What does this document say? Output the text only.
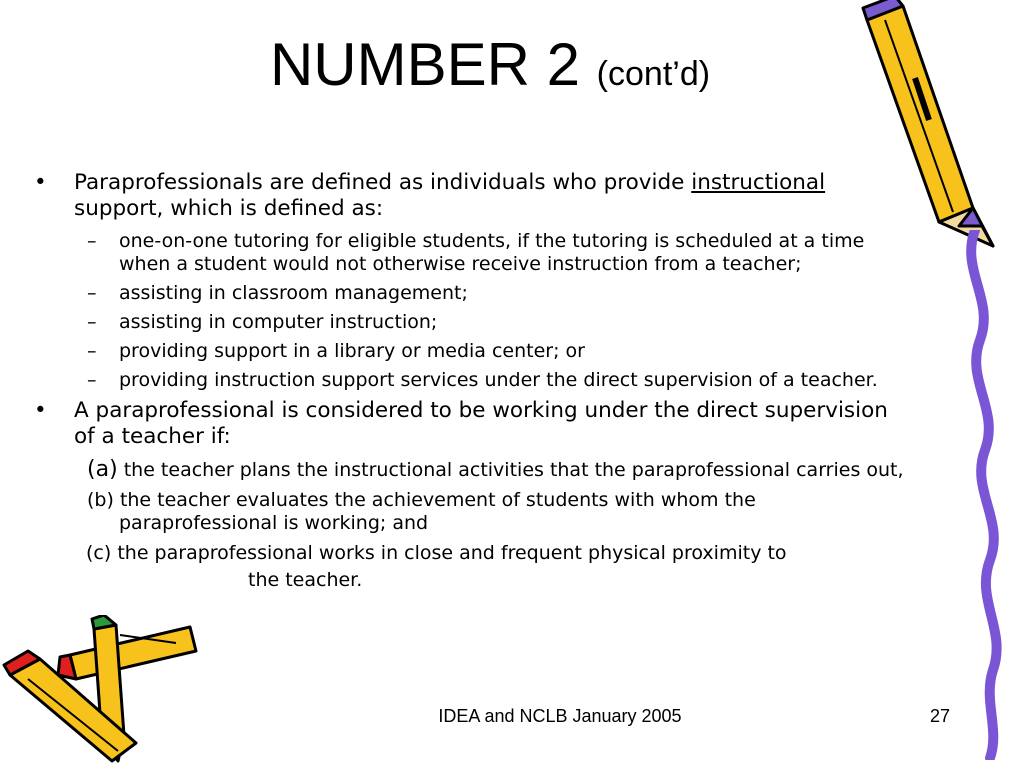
NUMBER 2 (cont’d)
• Paraprofessionals are defined as individuals who provide instructional support, which is defined as:
– one-on-one tutoring for eligible students, if the tutoring is scheduled at a time when a student would not otherwise receive instruction from a teacher;
– assisting in classroom management;
– assisting in computer instruction;
– providing support in a library or media center; or
– providing instruction support services under the direct supervision of a teacher.
• A paraprofessional is considered to be working under the direct supervision of a teacher if:
(a) the teacher plans the instructional activities that the paraprofessional carries out,
(b) the teacher evaluates the achievement of students with whom the paraprofessional is working; and
(c) the paraprofessional works in close and frequent physical proximity to
the teacher.
IDEA and NCLB January 2005	27
